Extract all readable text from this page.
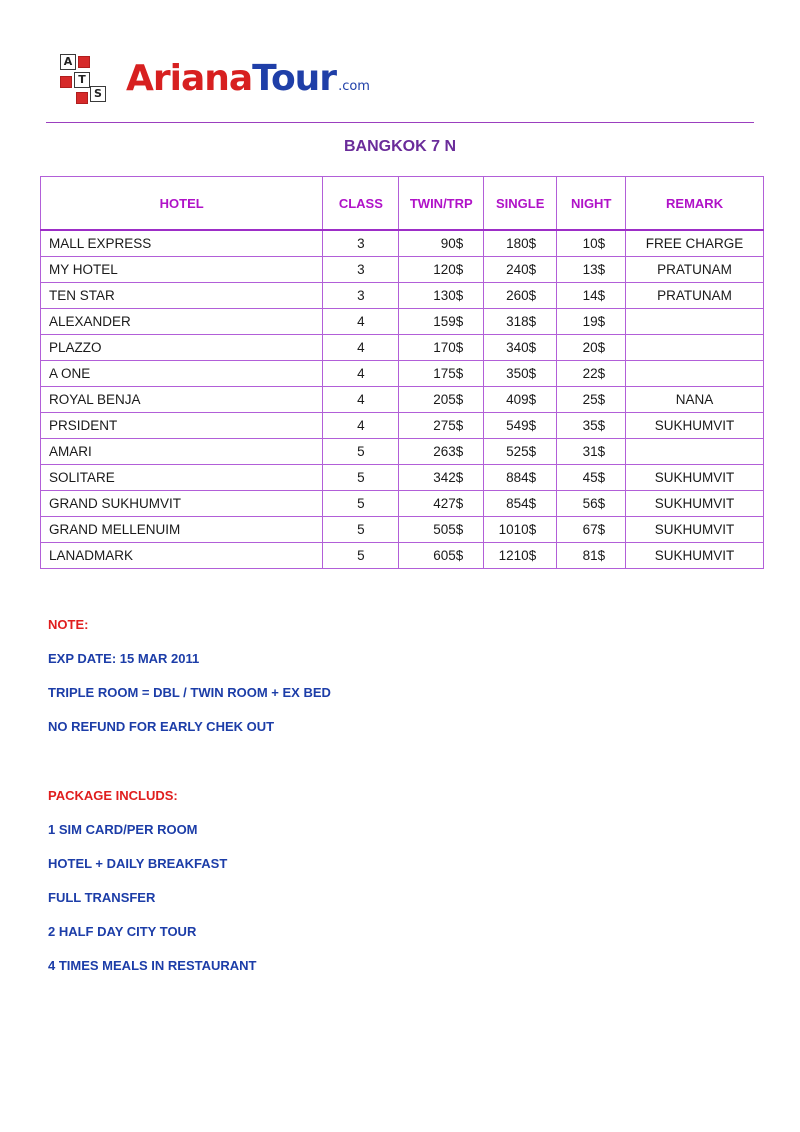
A
T
S ArianaTour .com
BANGKOK 7 N
HOTEL	CLASS	TWIN/TRP	SINGLE	NIGHT	REMARK
MALL EXPRESS	3	90$	180$	10$	FREE CHARGE
MY HOTEL	3	120$	240$	13$	PRATUNAM
TEN STAR	3	130$	260$	14$	PRATUNAM
ALEXANDER	4	159$	318$	19$	
PLAZZO	4	170$	340$	20$	
A ONE	4	175$	350$	22$	
ROYAL BENJA	4	205$	409$	25$	NANA
PRSIDENT	4	275$	549$	35$	SUKHUMVIT
AMARI	5	263$	525$	31$	
SOLITARE	5	342$	884$	45$	SUKHUMVIT
GRAND SUKHUMVIT	5	427$	854$	56$	SUKHUMVIT
GRAND MELLENUIM	5	505$	1010$	67$	SUKHUMVIT
LANADMARK	5	605$	1210$	81$	SUKHUMVIT

NOTE:

EXP DATE: 15 MAR 2011

TRIPLE ROOM = DBL / TWIN ROOM + EX BED

NO REFUND FOR EARLY CHEK OUT

PACKAGE INCLUDS:

1 SIM CARD/PER ROOM

HOTEL + DAILY BREAKFAST

FULL TRANSFER

2 HALF DAY CITY TOUR

4 TIMES MEALS IN RESTAURANT
